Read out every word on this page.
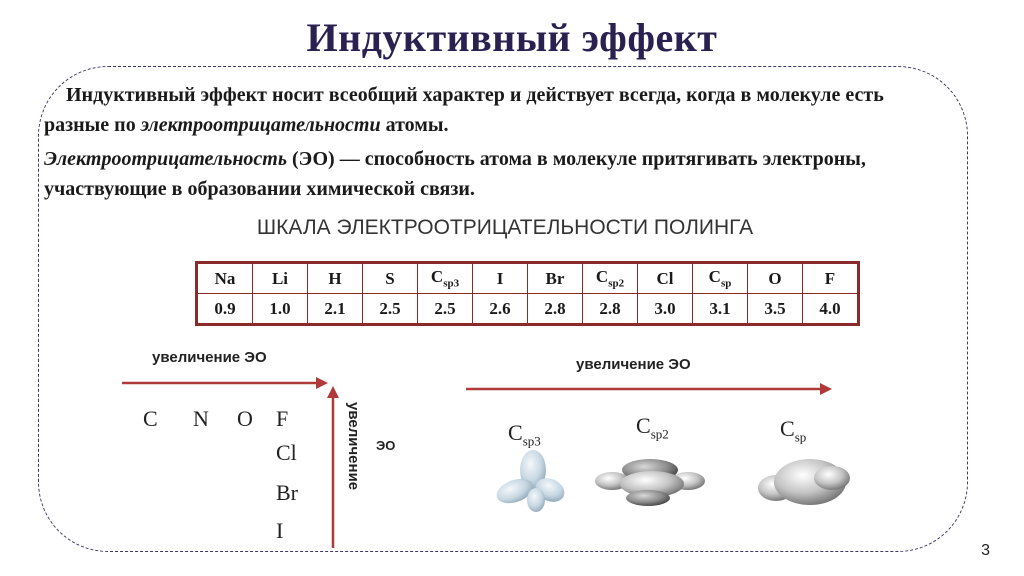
Индуктивный эффект
Индуктивный эффект носит всеобщий характер и действует всегда, когда в молекуле есть разные по электроотрицательности атомы.
Электроотрицательность (ЭО) — способность атома в молекуле притягивать электроны, участвующие в образовании химической связи.
ШКАЛА ЭЛЕКТРООТРИЦАТЕЛЬНОСТИ ПОЛИНГА
Na	Li	H	S	$C_{sp3}$	I	Br	$C_{sp2}$	Cl	$C_{sp}$	O	F
0.9	1.0	2.1	2.5	2.5	2.6	2.8	2.8	3.0	3.1	3.5	4.0
увеличение ЭО	увеличение ЭО
увеличение ЭО
C N O F
Cl
Br
I
$C_{sp3}$
$C_{sp2}$	$C_{sp}$
3
